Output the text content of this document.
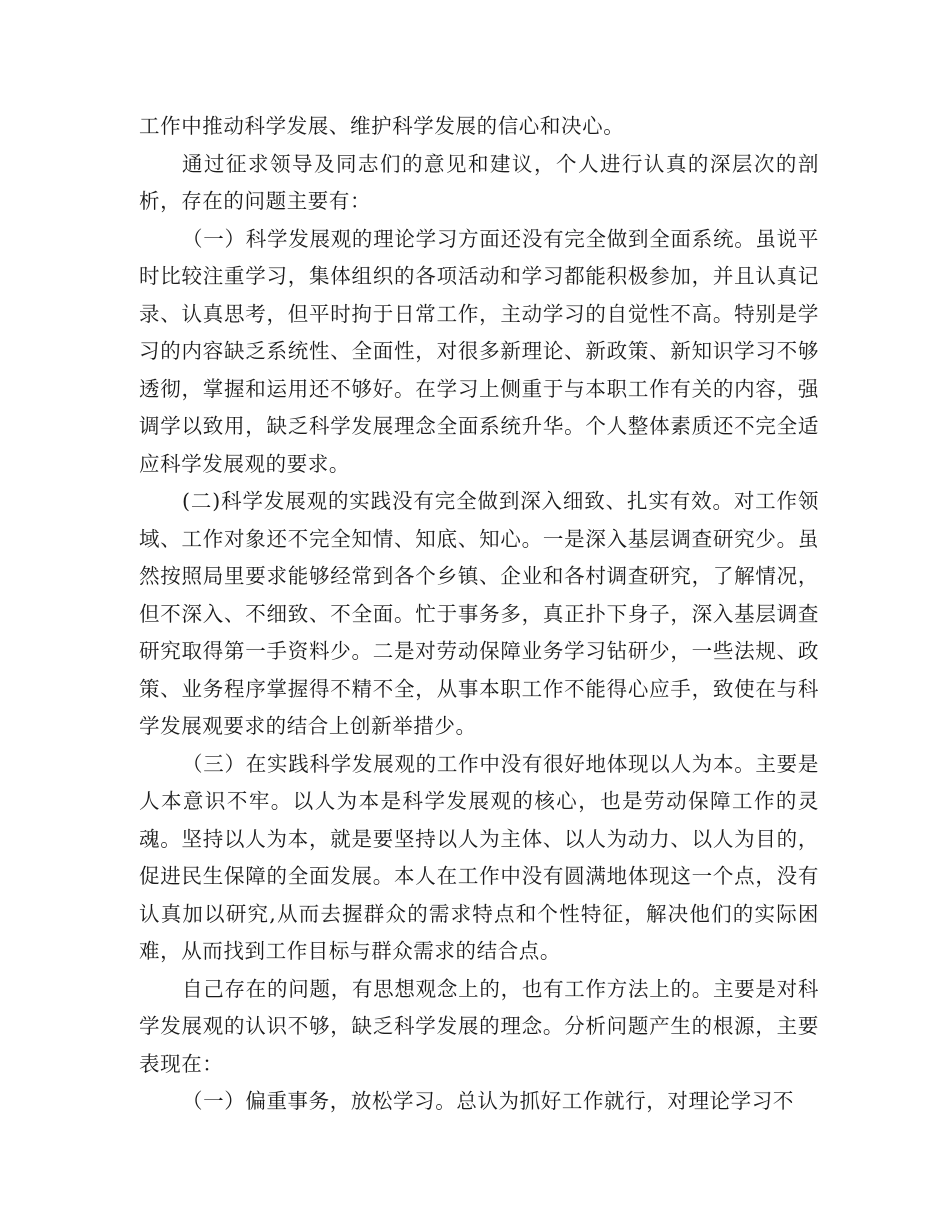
工作中推动科学发展、维护科学发展的信心和决心。

通过征求领导及同志们的意见和建议，个人进行认真的深层次的剖析，存在的问题主要有：

（一）科学发展观的理论学习方面还没有完全做到全面系统。虽说平时比较注重学习，集体组织的各项活动和学习都能积极参加，并且认真记录、认真思考，但平时拘于日常工作，主动学习的自觉性不高。特别是学习的内容缺乏系统性、全面性，对很多新理论、新政策、新知识学习不够透彻，掌握和运用还不够好。在学习上侧重于与本职工作有关的内容，强调学以致用，缺乏科学发展理念全面系统升华。个人整体素质还不完全适应科学发展观的要求。

(二)科学发展观的实践没有完全做到深入细致、扎实有效。对工作领域、工作对象还不完全知情、知底、知心。一是深入基层调查研究少。虽然按照局里要求能够经常到各个乡镇、企业和各村调查研究，了解情况，但不深入、不细致、不全面。忙于事务多，真正扑下身子，深入基层调查研究取得第一手资料少。二是对劳动保障业务学习钻研少，一些法规、政策、业务程序掌握得不精不全，从事本职工作不能得心应手，致使在与科学发展观要求的结合上创新举措少。

（三）在实践科学发展观的工作中没有很好地体现以人为本。主要是人本意识不牢。以人为本是科学发展观的核心，也是劳动保障工作的灵魂。坚持以人为本，就是要坚持以人为主体、以人为动力、以人为目的，促进民生保障的全面发展。本人在工作中没有圆满地体现这一个点，没有认真加以研究,从而去握群众的需求特点和个性特征，解决他们的实际困难，从而找到工作目标与群众需求的结合点。

自己存在的问题，有思想观念上的，也有工作方法上的。主要是对科学发展观的认识不够，缺乏科学发展的理念。分析问题产生的根源，主要表现在：

（一）偏重事务，放松学习。总认为抓好工作就行，对理论学习不
